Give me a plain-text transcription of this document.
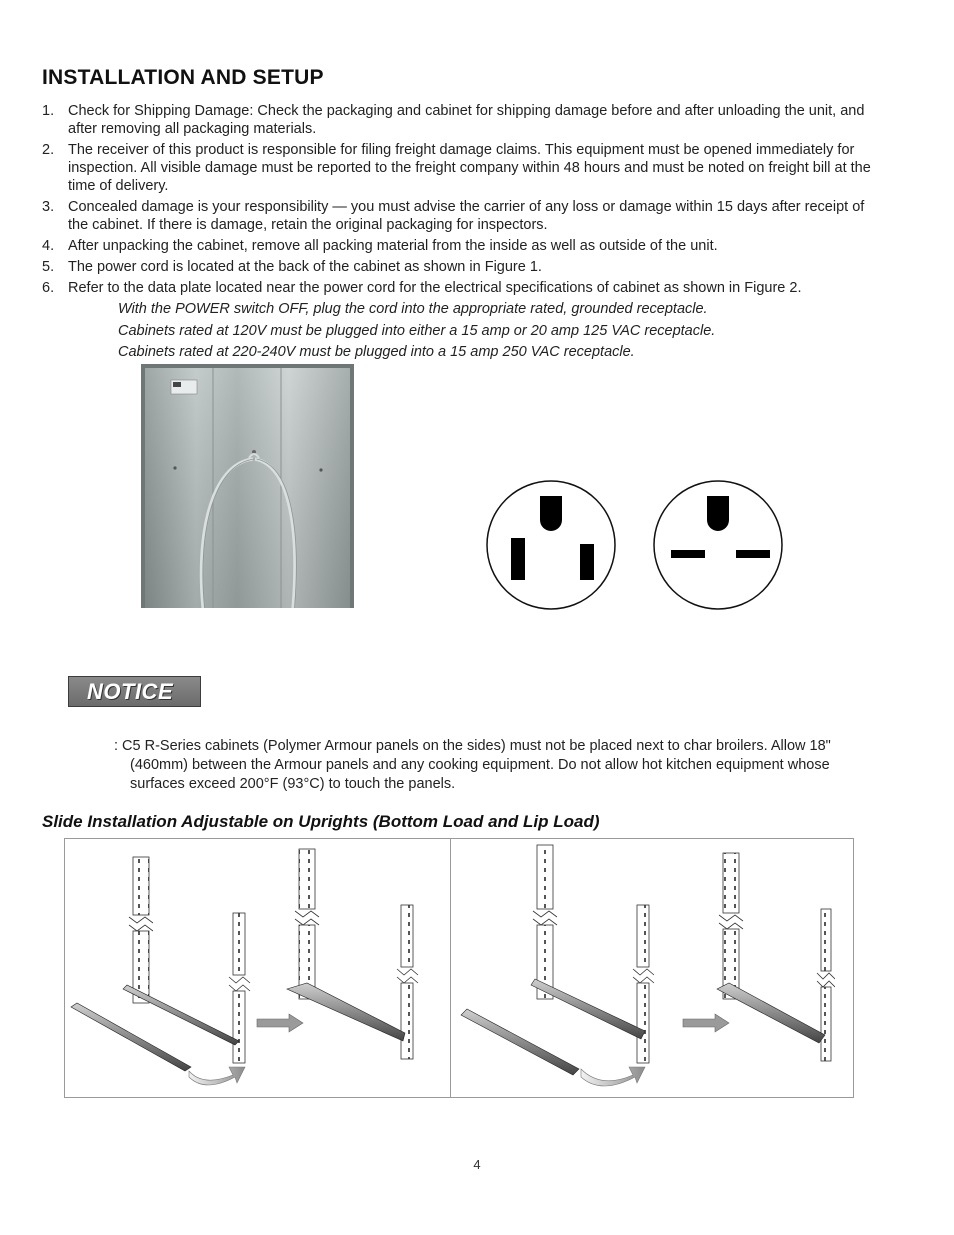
INSTALLATION AND SETUP
1. Check for Shipping Damage: Check the packaging and cabinet for shipping damage before and after unloading the unit, and after removing all packaging materials.
2. The receiver of this product is responsible for filing freight damage claims. This equipment must be opened immediately for inspection. All visible damage must be reported to the freight company within 48 hours and must be noted on freight bill at the time of delivery.
3. Concealed damage is your responsibility — you must advise the carrier of any loss or damage within 15 days after receipt of the cabinet. If there is damage, retain the original packaging for inspectors.
4. After unpacking the cabinet, remove all packing material from the inside as well as outside of the unit.
5. The power cord is located at the back of the cabinet as shown in Figure 1.
6. Refer to the data plate located near the power cord for the electrical specifications of cabinet as shown in Figure 2.
With the POWER switch OFF, plug the cord into the appropriate rated, grounded receptacle.
Cabinets rated at 120V must be plugged into either a 15 amp or 20 amp 125 VAC receptacle.
Cabinets rated at 220-240V must be plugged into a 15 amp 250 VAC receptacle.
NOTICE
: C5 R-Series cabinets (Polymer Armour panels on the sides) must not be placed next to char broilers. Allow 18" (460mm) between the Armour panels and any cooking equipment. Do not allow hot kitchen equipment whose surfaces exceed 200°F (93°C) to touch the panels.
Slide Installation Adjustable on Uprights (Bottom Load and Lip Load)
4
